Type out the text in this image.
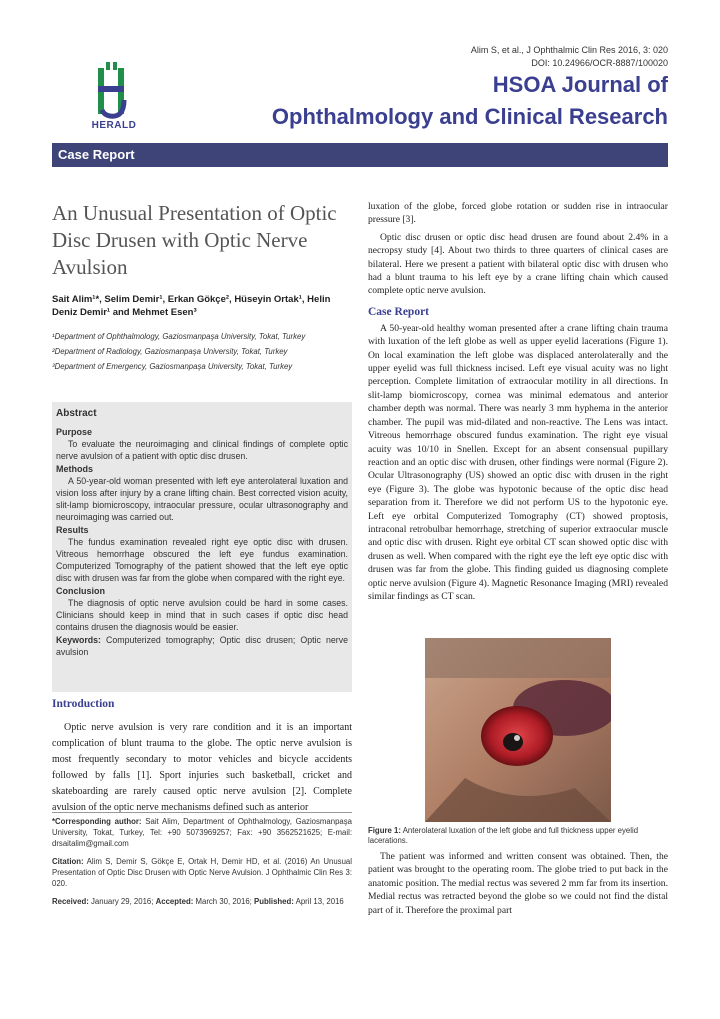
Alim S, et al., J Ophthalmic Clin Res 2016, 3: 020
DOI: 10.24966/OCR-8887/100020
HERALD
HSOA Journal of
Ophthalmology and Clinical Research
Case Report
An Unusual Presentation of Optic Disc Drusen with Optic Nerve Avulsion
Sait Alim¹*, Selim Demir¹, Erkan Gökçe², Hüseyin Ortak¹, Helin Deniz Demir¹ and Mehmet Esen³
¹Department of Ophthalmology, Gaziosmanpaşa University, Tokat, Turkey
²Department of Radiology, Gaziosmanpaşa University, Tokat, Turkey
³Department of Emergency, Gaziosmanpaşa University, Tokat, Turkey
Abstract
Purpose

To evaluate the neuroimaging and clinical findings of complete optic nerve avulsion of a patient with optic disc drusen.

Methods

A 50-year-old woman presented with left eye anterolateral luxation and vision loss after injury by a crane lifting chain. Best corrected vision acuity, slit-lamp biomicroscopy, intraocular pressure, ocular ultrasonography and neuroimaging was carried out.

Results

The fundus examination revealed right eye optic disc with drusen. Vitreous hemorrhage obscured the left eye fundus examination. Computerized Tomography of the patient showed that the left eye optic disc with drusen was far from the globe when compared with the right eye.

Conclusion

The diagnosis of optic nerve avulsion could be hard in some cases. Clinicians should keep in mind that in such cases if optic disc head contains drusen the diagnosis would be easier.

Keywords: Computerized tomography; Optic disc drusen; Optic nerve avulsion

Introduction

Optic nerve avulsion is very rare condition and it is an important complication of blunt trauma to the globe. The optic nerve avulsion is most frequently secondary to motor vehicles and bicycle accidents followed by falls [1]. Sport injuries such basketball, cricket and skateboarding are rarely caused optic nerve avulsion [2]. Complete avulsion of the optic nerve mechanisms defined such as anterior

*Corresponding author: Sait Alim, Department of Ophthalmology, Gaziosmanpaşa University, Tokat, Turkey, Tel: +90 5073969257; Fax: +90 3562521625; E-mail: drsaitalim@gmail.com
Citation: Alim S, Demir S, Gökçe E, Ortak H, Demir HD, et al. (2016) An Unusual Presentation of Optic Disc Drusen with Optic Nerve Avulsion. J Ophthalmic Clin Res 3: 020.
Received: January 29, 2016; Accepted: March 30, 2016; Published: April 13, 2016

luxation of the globe, forced globe rotation or sudden rise in intraocular pressure [3].

Optic disc drusen or optic disc head drusen are found about 2.4% in a necropsy study [4]. About two thirds to three quarters of clinical cases are bilateral. Here we present a patient with bilateral optic disc with drusen who had a blunt trauma to his left eye by a crane lifting chain which caused complete optic nerve avulsion.

Case Report

A 50-year-old healthy woman presented after a crane lifting chain trauma with luxation of the left globe as well as upper eyelid lacerations (Figure 1). On local examination the left globe was displaced anterolaterally and the upper eyelid was full thickness incised. Left eye visual acuity was no light perception. Complete limitation of extraocular motility in all directions. In slit-lamp biomicroscopy, cornea was minimal edematous and anterior chamber depth was normal. There was nearly 3 mm hyphema in the anterior chamber. The pupil was mid-dilated and non-reactive. The Lens was intact. Vitreous hemorrhage obscured fundus examination. The right eye visual acuity was 10/10 in Snellen. Except for an absent consensual pupillary reaction and an optic disc with drusen, other findings were normal (Figure 2). Ocular Ultrasonography (US) showed an optic disc with drusen in the right eye (Figure 3). The globe was hypotonic because of the optic disc head separation from it. Therefore we did not perform US to the hypotonic eye. Left eye orbital Computerized Tomography (CT) showed proptosis, intraconal retrobulbar hemorrhage, stretching of superior extraocular muscle and optic disc with drusen. Right eye orbital CT scan showed optic disc with drusen as well. When compared with the right eye the left eye optic disc with drusen was far from the globe. This finding guided us diagnosing complete optic nerve avulsion (Figure 4). Magnetic Resonance Imaging (MRI) revealed similar findings as CT scan.

Figure 1: Anterolateral luxation of the left globe and full thickness upper eyelid lacerations.

The patient was informed and written consent was obtained. Then, the patient was brought to the operating room. The globe tried to put back in the anatomic position. The medial rectus was severed 2 mm far from its insertion. Medial rectus was retracted beyond the globe so we could not find the distal part of it. Therefore the proximal part
